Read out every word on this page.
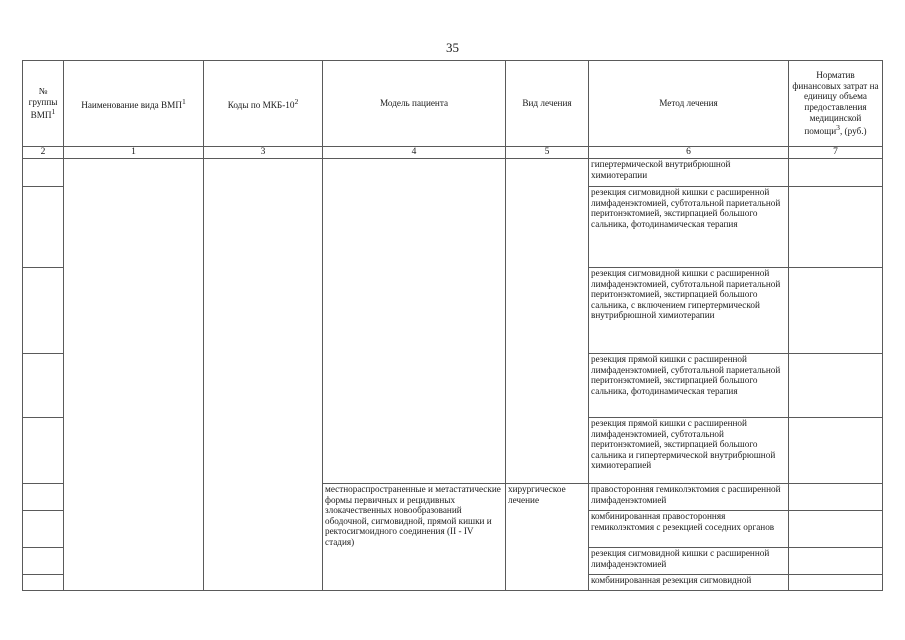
35
№ группы ВМП$^1$	Наименование вида ВМП$^1$	Коды по МКБ-$10^2$	Модель пациента	Вид лечения	Метод лечения	Норматив финансовых затрат на единицу объема предоставления медицинской помощи$^3$, (руб.)
2	1	3	4	5	6	7
					гипертермической внутрибрюшной химиотерапии	
					резекция сигмовидной кишки с расширенной лимфаденэктомией, субтотальной париетальной перитонэктомией, экстирпацией большого сальника, фотодинамическая терапия	
					резекция сигмовидной кишки с расширенной лимфаденэктомией, субтотальной париетальной перитонэктомией, экстирпацией большого сальника, с включением гипертермической внутрибрюшной химиотерапии	
					резекция прямой кишки с расширенной лимфаденэктомией, субтотальной париетальной перитонэктомией, экстирпацией большого сальника, фотодинамическая терапия	
					резекция прямой кишки с расширенной лимфаденэктомией, субтотальной перитонэктомией, экстирпацией большого сальника и гипертермической внутрибрюшной химиотерапией	
			местнораспространенные и метастатические формы первичных и рецидивных злокачественных новообразований ободочной, сигмовидной, прямой кишки и ректосигмоидного соединения (II - IV стадия)	хирургическое лечение	правосторонняя гемиколэктомия с расширенной лимфаденэктомией	
					комбинированная правосторонняя гемиколэктомия с резекцией соседних органов	
					резекция сигмовидной кишки с расширенной лимфаденэктомией	
					комбинированная резекция сигмовидной	
